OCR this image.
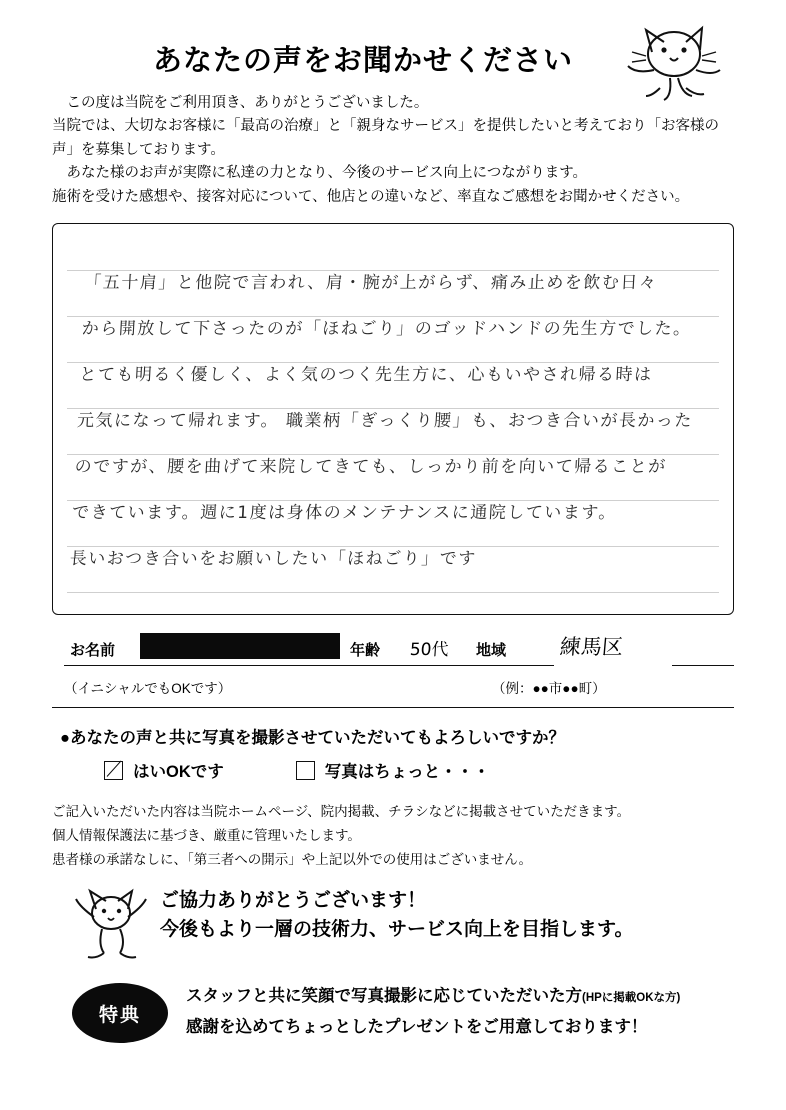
あなたの声をお聞かせください

この度は当院をご利用頂き、ありがとうございました。

当院では、大切なお客様に「最高の治療」と「親身なサービス」を提供したいと考えており「お客様の声」を募集しております。

あなた様のお声が実際に私達の力となり、今後のサービス向上につながります。

施術を受けた感想や、接客対応について、他店との違いなど、率直なご感想をお聞かせください。

「五十肩」と他院で言われ、肩・腕が上がらず、痛み止めを飲む日々
から開放して下さったのが「ほねごり」のゴッドハンドの先生方でした。
とても明るく優しく、よく気のつく先生方に、心もいやされ帰る時は
元気になって帰れます。 職業柄「ぎっくり腰」も、おつき合いが長かった
のですが、腰を曲げて来院してきても、しっかり前を向いて帰ることが
できています。週に1度は身体のメンテナンスに通院しています。
長いおつき合いをお願いしたい「ほねごり」です
お名前	年齢 50代 地域	練馬区
（イニシャルでもOKです）	（例：●●市●●町）
●あなたの声と共に写真を撮影させていただいてもよろしいですか？
はいOKです	写真はちょっと・・・

ご記入いただいた内容は当院ホームページ、院内掲載、チラシなどに掲載させていただきます。

個人情報保護法に基づき、厳重に管理いたします。

患者様の承諾なしに、「第三者への開示」や上記以外での使用はございません。

ご協力ありがとうございます！
今後もより一層の技術力、サービス向上を目指します。
特典
スタッフと共に笑顔で写真撮影に応じていただいた方(HPに掲載OKな方)
感謝を込めてちょっとしたプレゼントをご用意しております！
